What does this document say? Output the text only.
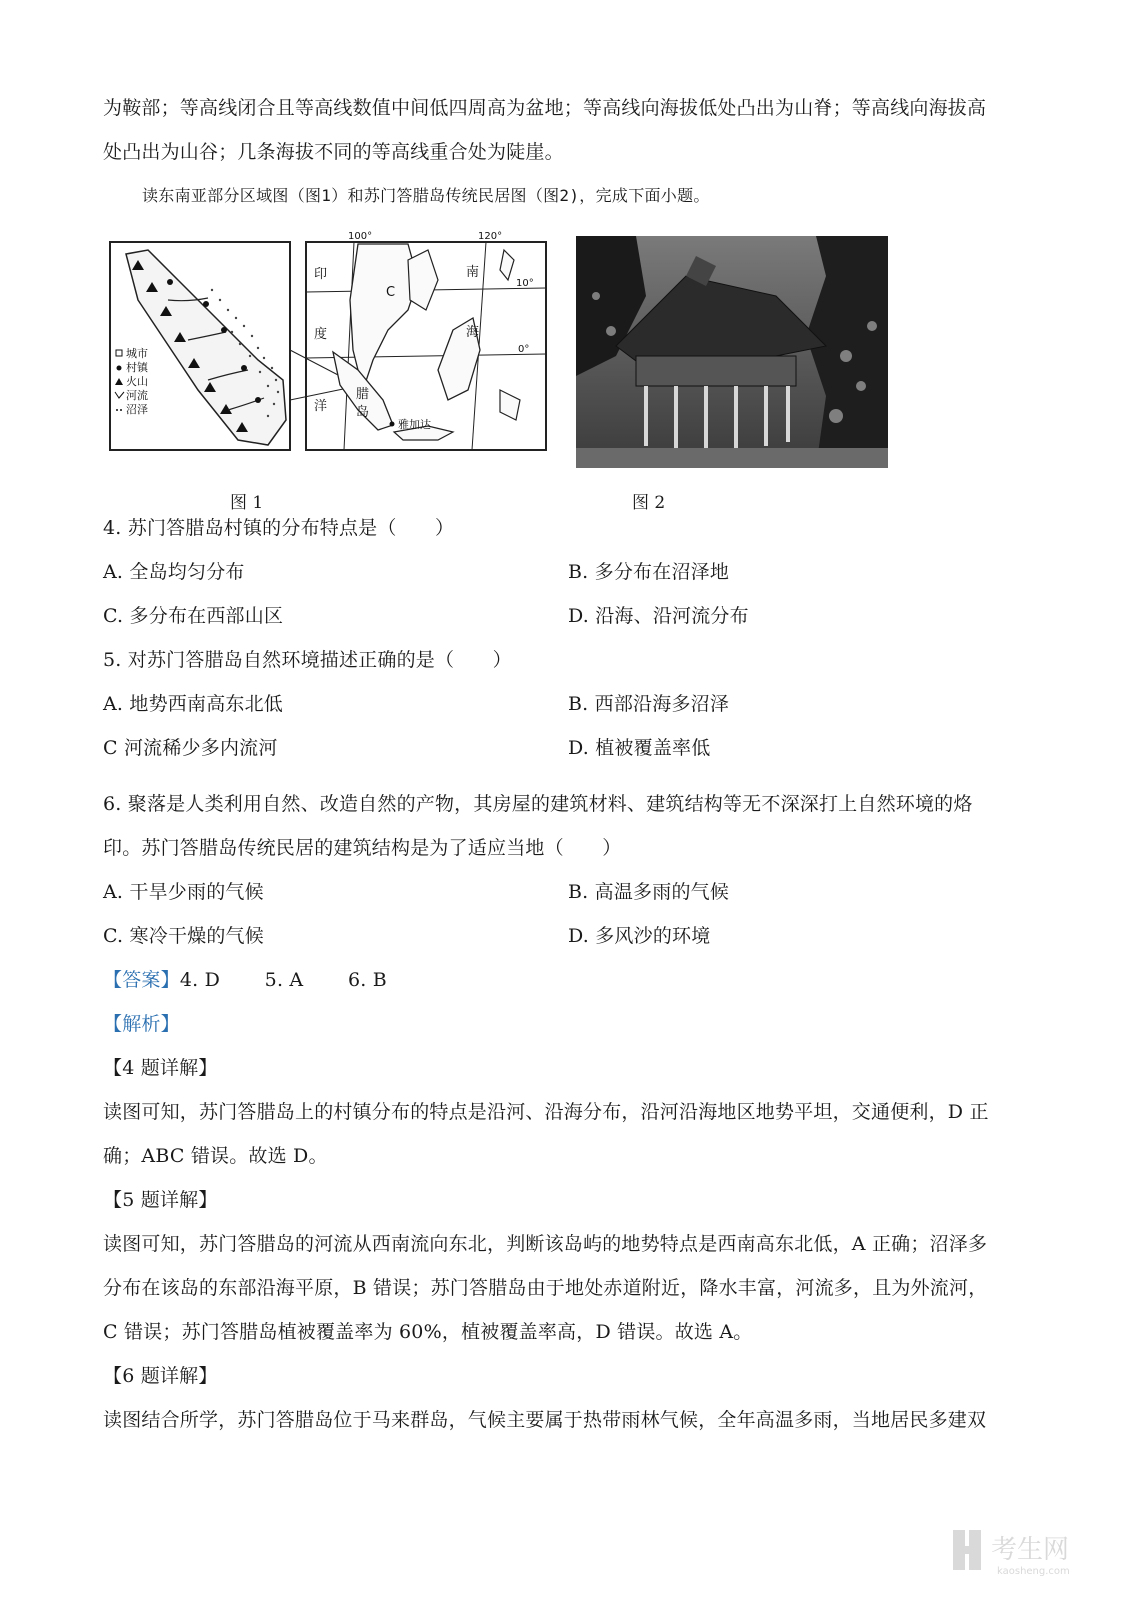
为鞍部；等高线闭合且等高线数值中间低四周高为盆地；等高线向海拔低处凸出为山脊；等高线向海拔高
处凸出为山谷；几条海拔不同的等高线重合处为陡崖。
读东南亚部分区域图（图1）和苏门答腊岛传统民居图（图2)，完成下面小题。
城市
村镇
火山
河流
沼泽
100°	120°
10°
0°
印
度
洋
C
南
海
腊
岛
雅加达
图 1	图 2
4. 苏门答腊岛村镇的分布特点是（　　）
A. 全岛均匀分布	B. 多分布在沼泽地
C. 多分布在西部山区	D. 沿海、沿河流分布
5. 对苏门答腊岛自然环境描述正确的是（　　）
A. 地势西南高东北低	B. 西部沿海多沼泽
C 河流稀少多内流河	D. 植被覆盖率低
6. 聚落是人类利用自然、改造自然的产物，其房屋的建筑材料、建筑结构等无不深深打上自然环境的烙
印。苏门答腊岛传统民居的建筑结构是为了适应当地（　　）
A. 干旱少雨的气候	B. 高温多雨的气候
C. 寒冷干燥的气候	D. 多风沙的环境
【答案】4. D　　 5. A　　 6. B
【解析】
【4 题详解】
读图可知，苏门答腊岛上的村镇分布的特点是沿河、沿海分布，沿河沿海地区地势平坦，交通便利，D 正
确；ABC 错误。故选 D。
【5 题详解】
读图可知，苏门答腊岛的河流从西南流向东北，判断该岛屿的地势特点是西南高东北低，A 正确；沼泽多
分布在该岛的东部沿海平原，B 错误；苏门答腊岛由于地处赤道附近，降水丰富，河流多，且为外流河，
C 错误；苏门答腊岛植被覆盖率为 60%，植被覆盖率高，D 错误。故选 A。
【6 题详解】
读图结合所学，苏门答腊岛位于马来群岛，气候主要属于热带雨林气候，全年高温多雨，当地居民多建双
考生网
kaosheng.com
